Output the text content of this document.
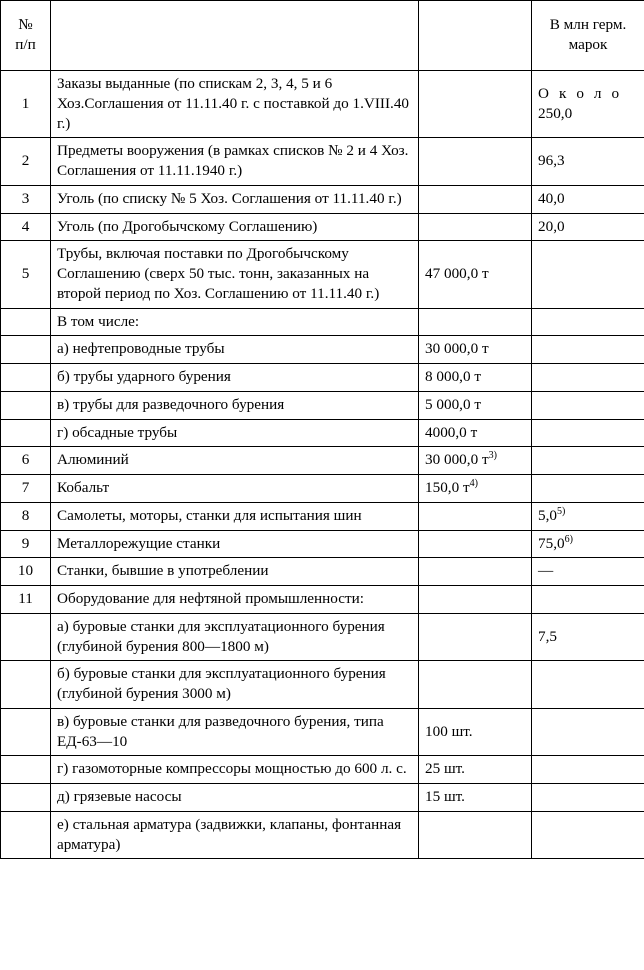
№
п/п			В млн герм.
марок
1	Заказы выданные (по спискам 2, 3, 4, 5 и 6 Хоз.Соглашения от 11.11.40 г. с поставкой до 1.VIII.40 г.)		О к о л о
250,0
2	Предметы вооружения (в рамках списков № 2 и 4 Хоз. Соглашения от 11.11.1940 г.)		96,3
3	Уголь (по списку № 5 Хоз. Соглашения от 11.11.40 г.)		40,0
4	Уголь (по Дрогобычскому Соглашению)		20,0
5	Трубы, включая поставки по Дрогобычскому Соглашению (сверх 50 тыс. тонн, заказанных на второй период по Хоз. Соглашению от 11.11.40 г.)	47 000,0 т	
	В том числе:		
	а) нефтепроводные трубы	30 000,0 т	
	б) трубы ударного бурения	8 000,0 т	
	в) трубы для разведочного бурения	5 000,0 т	
	г) обсадные трубы	4000,0 т	
6	Алюминий	30 000,0 $т^{3)}$	
7	Кобальт	150,0 $т^{4)}$	
8	Самолеты, моторы, станки для испытания шин		5,0$^{5)}$
9	Металлорежущие станки		75,0$^{6)}$
10	Станки, бывшие в употреблении		—
11	Оборудование для нефтяной промышленности:		
	а) буровые станки для эксплуатационного бурения (глубиной бурения 800—1800 м)		7,5
	б) буровые станки для эксплуатационного бурения (глубиной бурения 3000 м)		
	в) буровые станки для разведочного бурения, типа ЕД-63—10	100 шт.	
	г) газомоторные компрессоры мощностью до 600 л. с.	25 шт.	
	д) грязевые насосы	15 шт.	
	е) стальная арматура (задвижки, клапаны, фонтанная арматура)		
